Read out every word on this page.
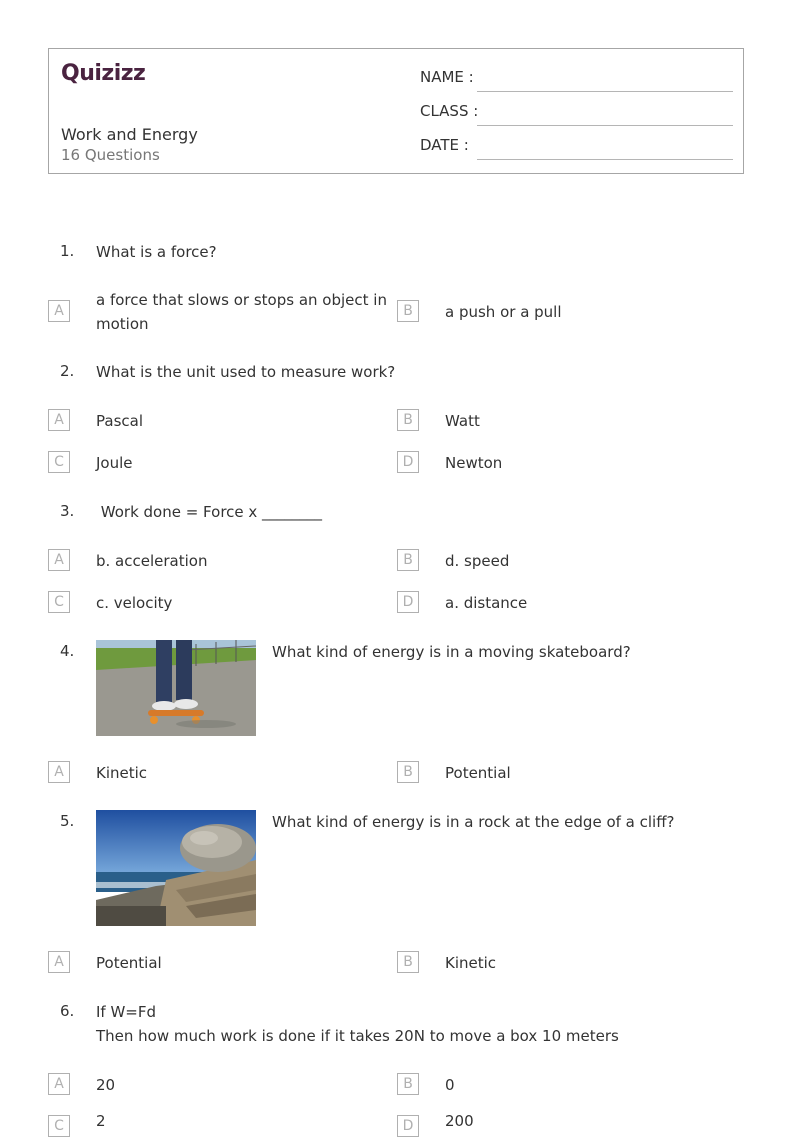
Quizizz
Work and Energy
16 Questions
NAME :
CLASS :
DATE :
1. What is a force?
A
a force that slows or stops an object in motion
B	a push or a pull
2. What is the unit used to measure work?
A	Pascal	B	Watt
C	Joule	D	Newton
3. Work done = Force x ________
A	b. acceleration	B	d. speed
C	c. velocity	D	a. distance
4.	What kind of energy is in a moving skateboard?
A	Kinetic	B	Potential
5.	What kind of energy is in a rock at the edge of a cliff?
A	Potential	B	Kinetic
6. If W=Fd
Then how much work is done if it takes 20N to move a box 10 meters
A	20	B	0
C	2	D	200
